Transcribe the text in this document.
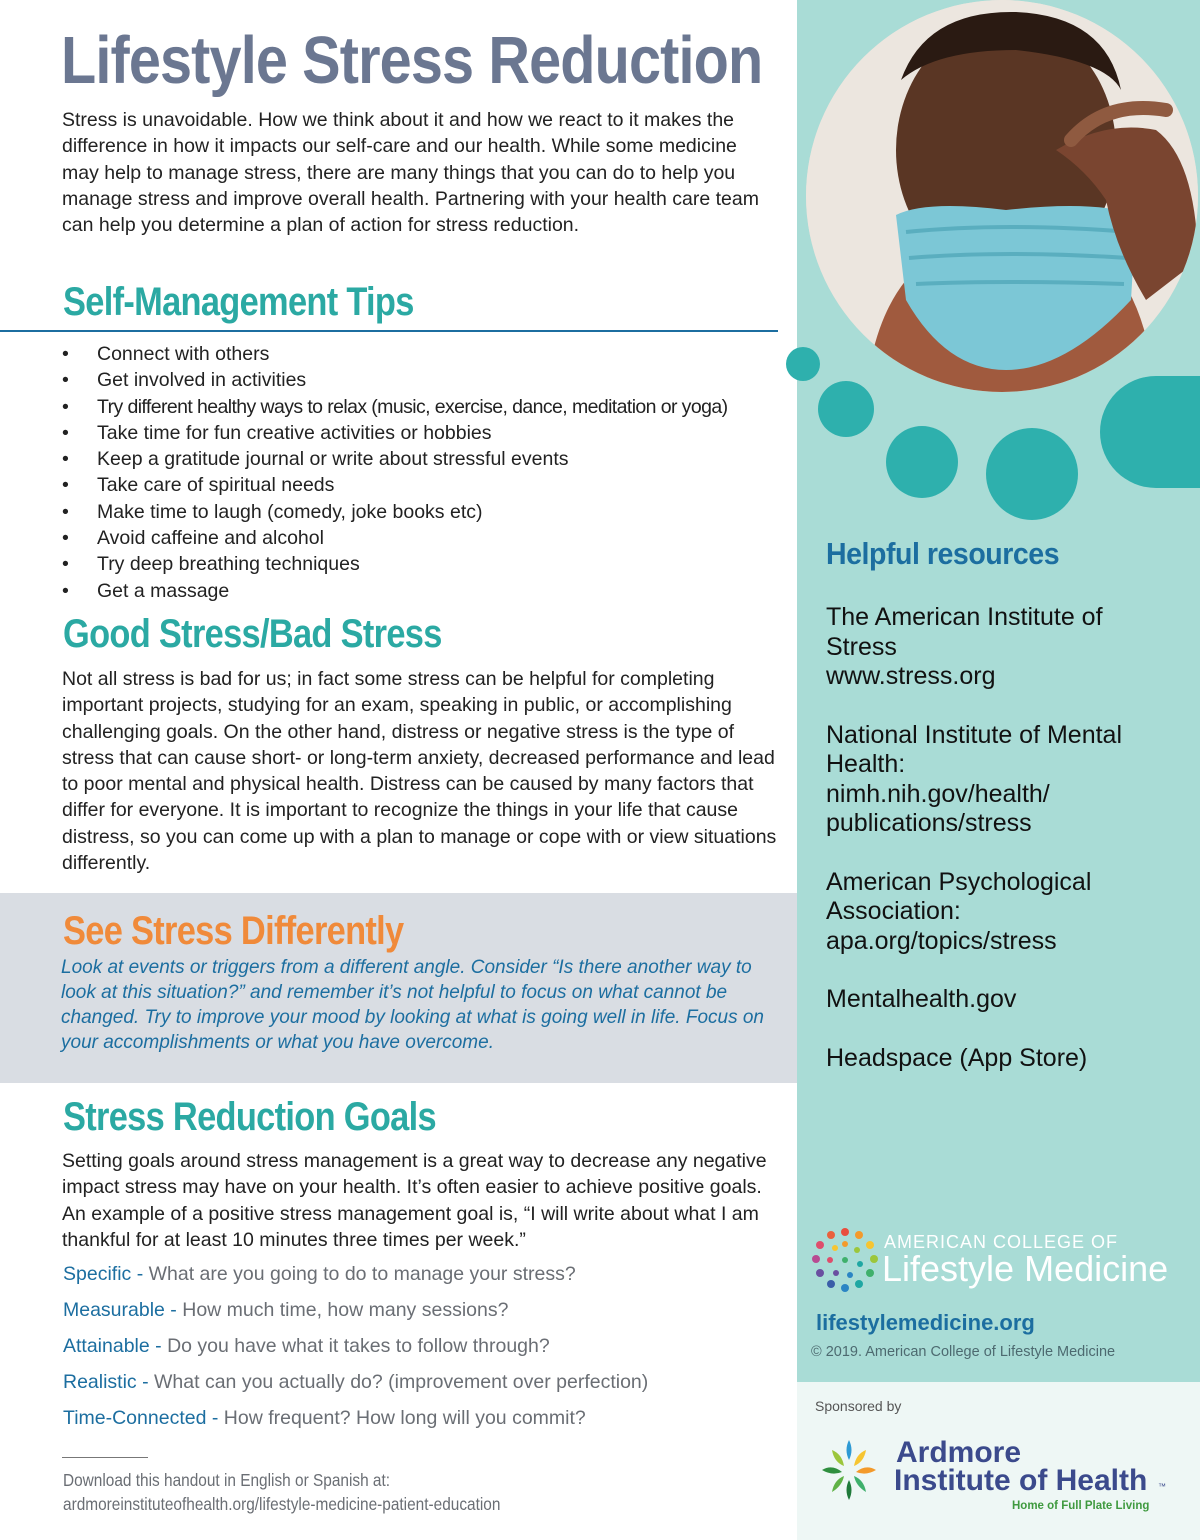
Lifestyle Stress Reduction

Stress is unavoidable. How we think about it and how we react to it makes the difference in how it impacts our self-care and our health. While some medicine may help to manage stress, there are many things that you can do to help you manage stress and improve overall health. Partnering with your health care team can help you determine a plan of action for stress reduction.

Self-Management Tips
• Connect with others
• Get involved in activities
• Try different healthy ways to relax (music, exercise, dance, meditation or yoga)
• Take time for fun creative activities or hobbies
• Keep a gratitude journal or write about stressful events
• Take care of spiritual needs
• Make time to laugh (comedy, joke books etc)
• Avoid caffeine and alcohol
• Try deep breathing techniques
• Get a massage
Good Stress/Bad Stress

Not all stress is bad for us; in fact some stress can be helpful for completing important projects, studying for an exam, speaking in public, or accomplishing challenging goals. On the other hand, distress or negative stress is the type of stress that can cause short- or long-term anxiety, decreased performance and lead to poor mental and physical health. Distress can be caused by many factors that differ for everyone. It is important to recognize the things in your life that cause distress, so you can come up with a plan to manage or cope with or view situations differently.

See Stress Differently

Look at events or triggers from a different angle. Consider “Is there another way to look at this situation?” and remember it’s not helpful to focus on what cannot be changed. Try to improve your mood by looking at what is going well in life. Focus on your accomplishments or what you have overcome.

Stress Reduction Goals

Setting goals around stress management is a great way to decrease any negative impact stress may have on your health. It’s often easier to achieve positive goals. An example of a positive stress management goal is, “I will write about what I am thankful for at least 10 minutes three times per week.”

Specific - What are you going to do to manage your stress?
Measurable - How much time, how many sessions?
Attainable - Do you have what it takes to follow through?
Realistic - What can you actually do? (improvement over perfection)
Time-Connected - How frequent? How long will you commit?
Download this handout in English or Spanish at:
ardmoreinstituteofhealth.org/lifestyle-medicine-patient-education
Helpful resources
The American Institute of
Stress
www.stress.org
National Institute of Mental
Health:
nimh.nih.gov/health/
publications/stress
American Psychological
Association:
apa.org/topics/stress
Mentalhealth.gov
Headspace (App Store)
AMERICAN COLLEGE OF
Lifestyle Medicine
lifestylemedicine.org
© 2019. American College of Lifestyle Medicine
Sponsored by
Ardmore
Institute of Health ™
Home of Full Plate Living
